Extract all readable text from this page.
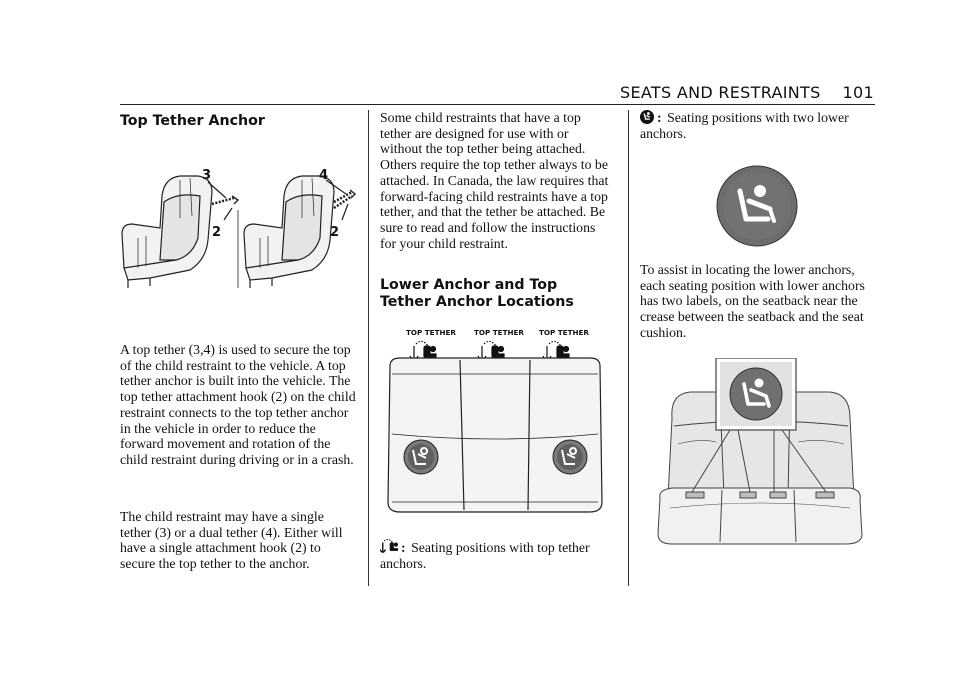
SEATS AND RESTRAINTS 101
Top Tether Anchor
3
2
4
2

A top tether (3,4) is used to secure the top of the child restraint to the vehicle. A top tether anchor is built into the vehicle. The top tether attachment hook (2) on the child restraint connects to the top tether anchor in the vehicle in order to reduce the forward movement and rotation of the child restraint during driving or in a crash.

The child restraint may have a single tether (3) or a dual tether (4). Either will have a single attachment hook (2) to secure the top tether to the anchor.

Some child restraints that have a top tether are designed for use with or without the top tether being attached. Others require the top tether always to be attached. In Canada, the law requires that forward-facing child restraints have a top tether, and that the tether be attached. Be sure to read and follow the instructions for your child restraint.

Lower Anchor and Top Tether Anchor Locations
TOP TETHER	TOP TETHER TOP TETHER

: Seating positions with top tether anchors.

: Seating positions with two lower anchors.

To assist in locating the lower anchors, each seating position with lower anchors has two labels, on the seatback near the crease between the seatback and the seat cushion.
